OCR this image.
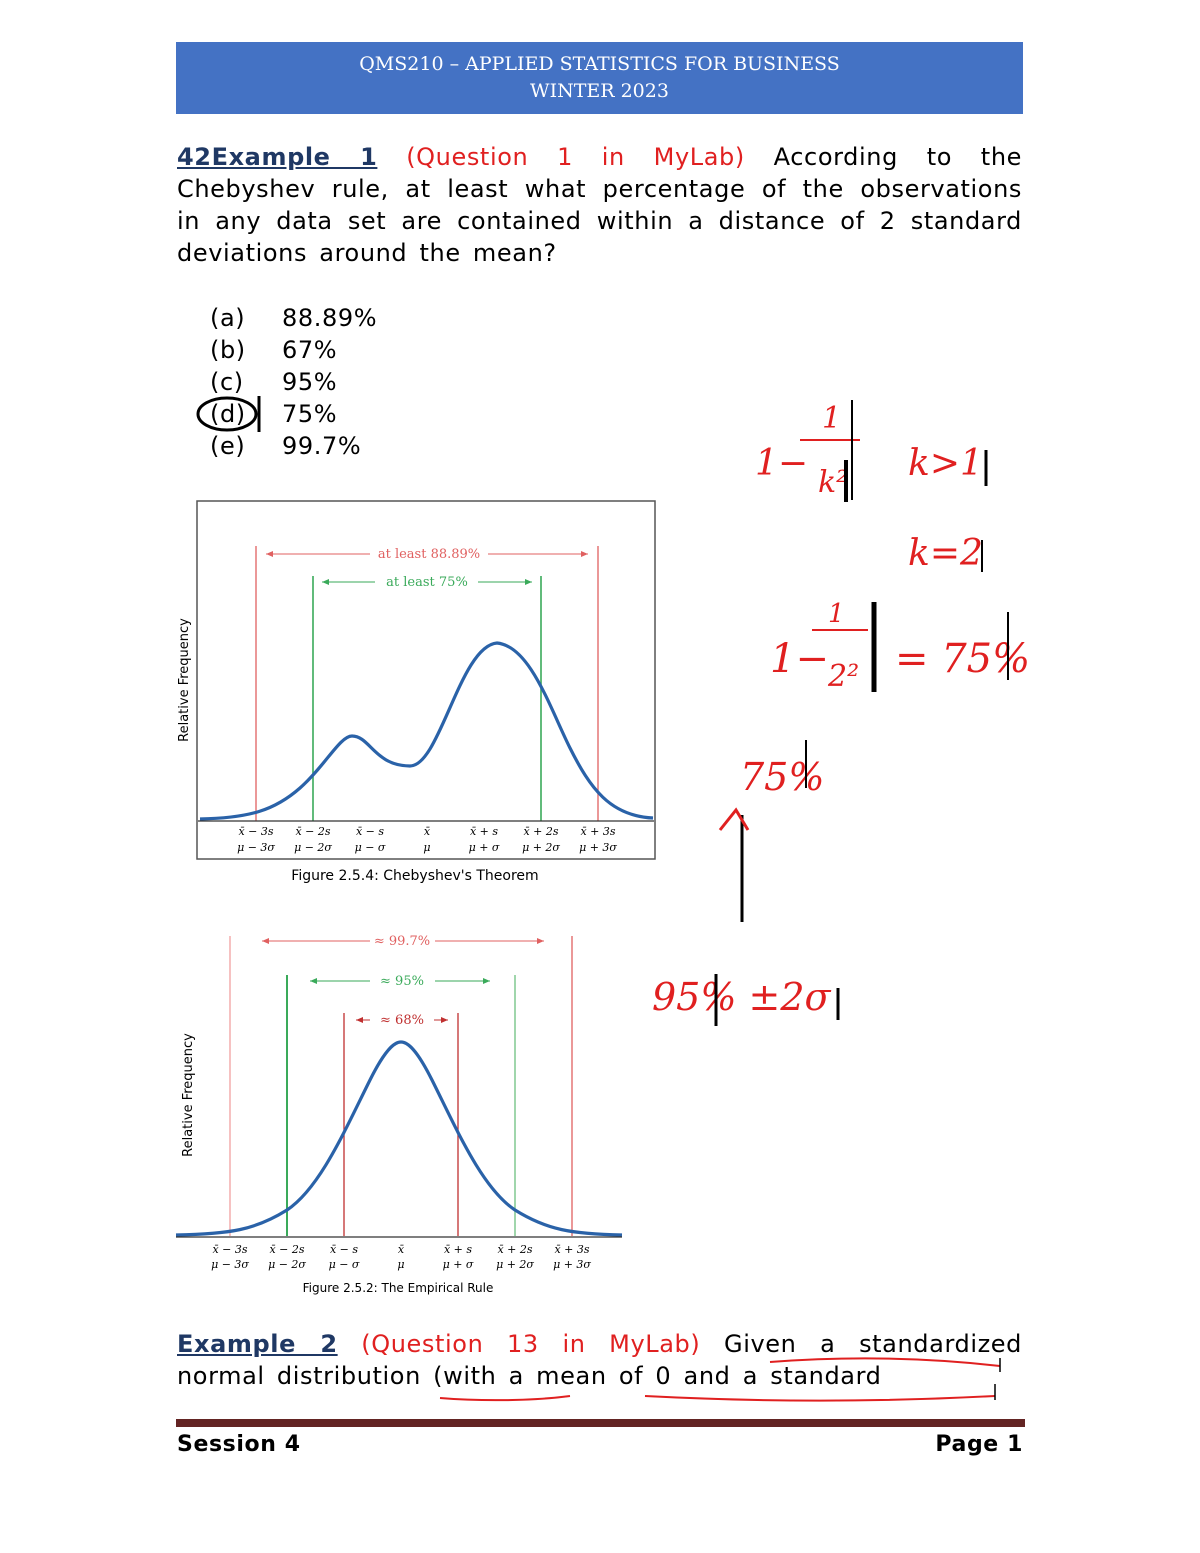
QMS210 – APPLIED STATISTICS FOR BUSINESS
WINTER 2023
42Example 1 (Question 1 in MyLab) According to the Chebyshev rule, at least what percentage of the observations in any data set are contained within a distance of 2 standard deviations around the mean?
(a) 88.89%
(b) 67%
(c) 95%
(d) 75%
(e) 99.7%
Relative Frequency
at least 88.89%
at least 75%
x̄ − 3s x̄ − 2s x̄ − s	x̄	x̄ + s x̄ + 2s x̄ + 3s
μ − 3σ μ − 2σ μ − σ	μ	μ + σ μ + 2σ μ + 3σ
Figure 2.5.4: Chebyshev's Theorem
Relative Frequency
≈ 99.7%
≈ 95%
≈ 68%
x̄ − 3s x̄ − 2s x̄ − s	x̄	x̄ + s x̄ + 2s x̄ + 3s
μ − 3σ μ − 2σ μ − σ	μ	μ + σ μ + 2σ μ + 3σ
Figure 2.5.2: The Empirical Rule
1
1− k² k>1
k=2
1
1− 2² = 75%
75%
95% ±2σ
Example 2 (Question 13 in MyLab) Given a standardized normal distribution (with a mean of 0 and a standard
Session 4	Page 1
